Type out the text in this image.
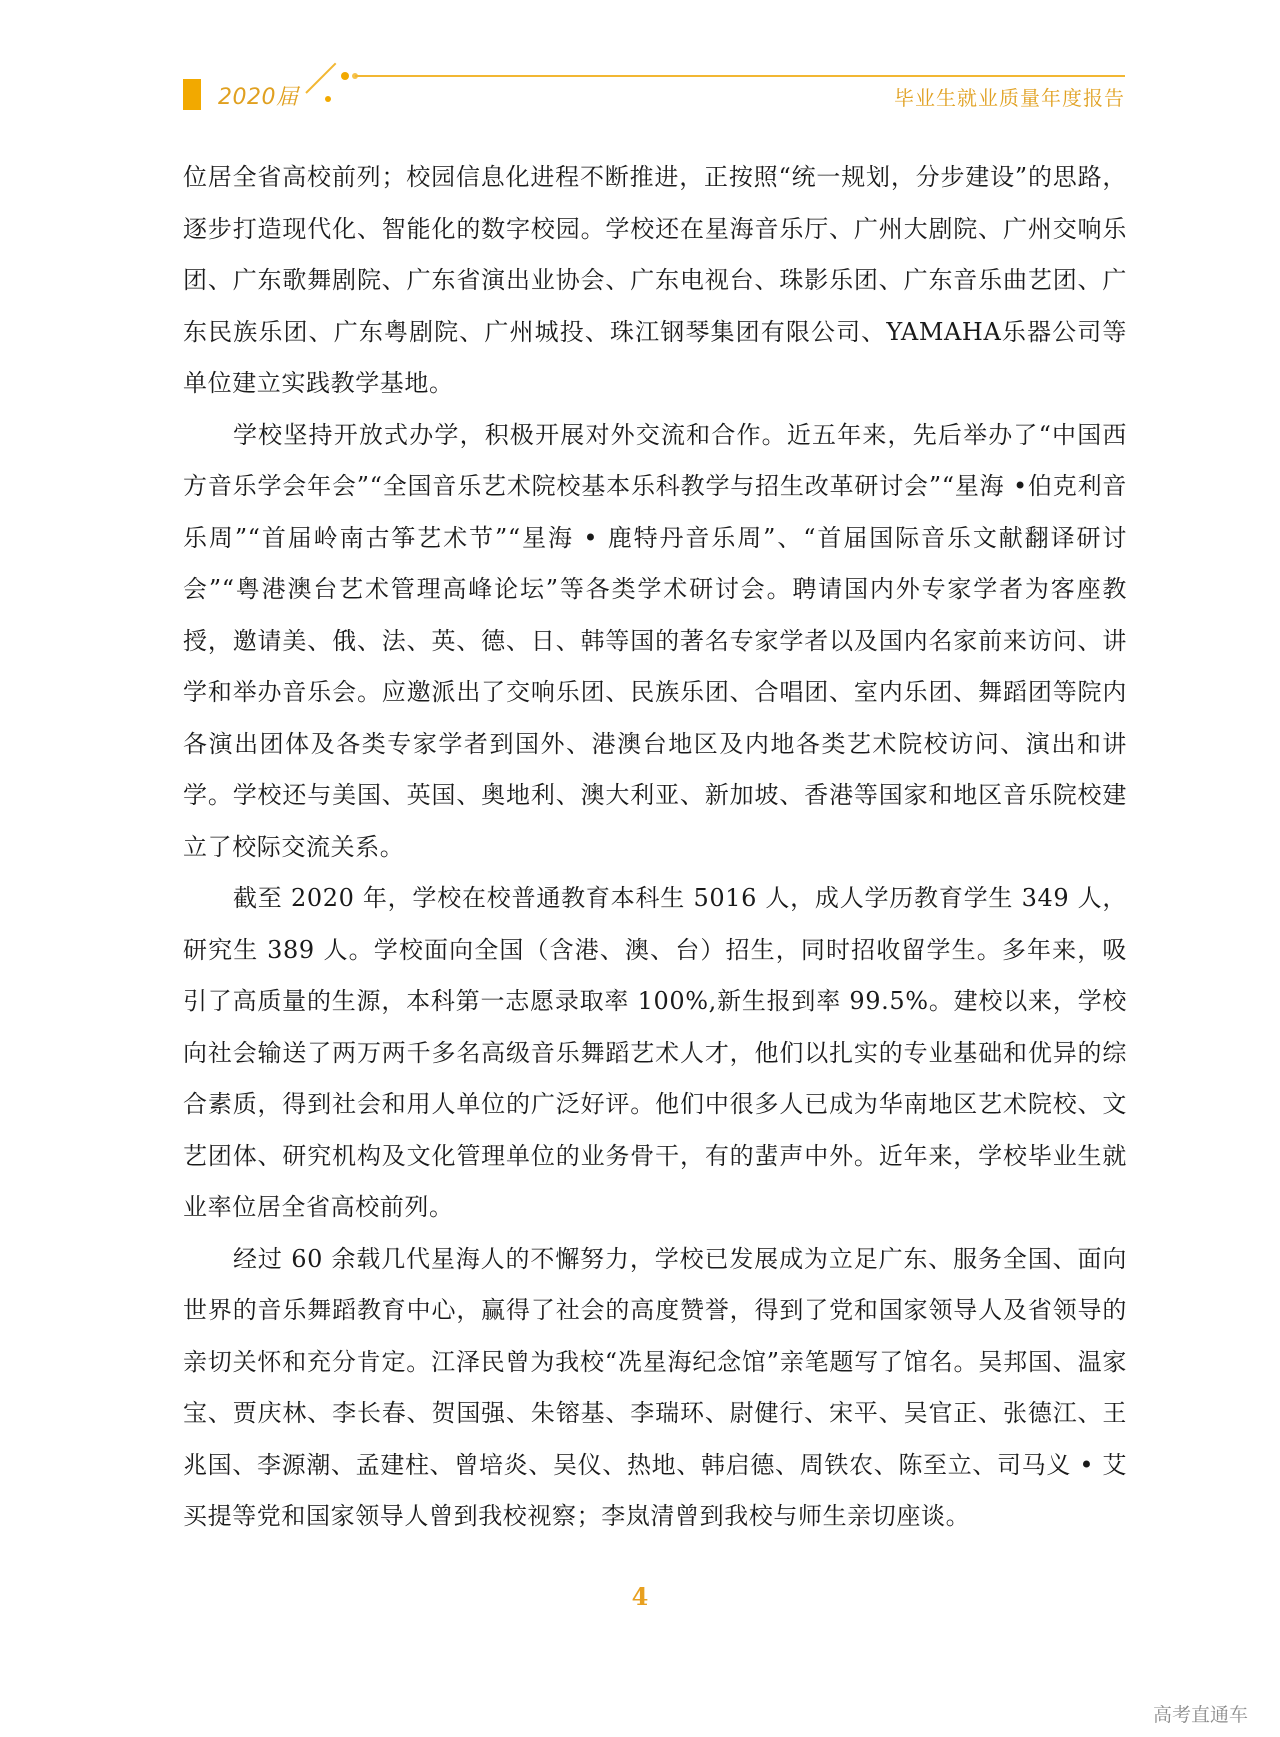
2020届	毕业生就业质量年度报告

位居全省高校前列；校园信息化进程不断推进，正按照“统一规划，分步建设”的思路，逐步打造现代化、智能化的数字校园。学校还在星海音乐厅、广州大剧院、广州交响乐团、广东歌舞剧院、广东省演出业协会、广东电视台、珠影乐团、广东音乐曲艺团、广东民族乐团、广东粤剧院、广州城投、珠江钢琴集团有限公司、YAMAHA乐器公司等单位建立实践教学基地。

学校坚持开放式办学，积极开展对外交流和合作。近五年来，先后举办了“中国西方音乐学会年会”“全国音乐艺术院校基本乐科教学与招生改革研讨会”“星海 •伯克利音乐周”“首届岭南古筝艺术节”“星海 • 鹿特丹音乐周”、“首届国际音乐文献翻译研讨会”“粤港澳台艺术管理高峰论坛”等各类学术研讨会。聘请国内外专家学者为客座教授，邀请美、俄、法、英、德、日、韩等国的著名专家学者以及国内名家前来访问、讲学和举办音乐会。应邀派出了交响乐团、民族乐团、合唱团、室内乐团、舞蹈团等院内各演出团体及各类专家学者到国外、港澳台地区及内地各类艺术院校访问、演出和讲学。学校还与美国、英国、奥地利、澳大利亚、新加坡、香港等国家和地区音乐院校建立了校际交流关系。

截至 2020 年，学校在校普通教育本科生 5016 人，成人学历教育学生 349 人，研究生 389 人。学校面向全国（含港、澳、台）招生，同时招收留学生。多年来，吸引了高质量的生源，本科第一志愿录取率 100%,新生报到率 99.5%。建校以来，学校向社会输送了两万两千多名高级音乐舞蹈艺术人才，他们以扎实的专业基础和优异的综合素质，得到社会和用人单位的广泛好评。他们中很多人已成为华南地区艺术院校、文艺团体、研究机构及文化管理单位的业务骨干，有的蜚声中外。近年来，学校毕业生就业率位居全省高校前列。

经过 60 余载几代星海人的不懈努力，学校已发展成为立足广东、服务全国、面向世界的音乐舞蹈教育中心，赢得了社会的高度赞誉，得到了党和国家领导人及省领导的亲切关怀和充分肯定。江泽民曾为我校“冼星海纪念馆”亲笔题写了馆名。吴邦国、温家宝、贾庆林、李长春、贺国强、朱镕基、李瑞环、尉健行、宋平、吴官正、张德江、王兆国、李源潮、孟建柱、曾培炎、吴仪、热地、韩启德、周铁农、陈至立、司马义 • 艾买提等党和国家领导人曾到我校视察；李岚清曾到我校与师生亲切座谈。

4
高考直通车
